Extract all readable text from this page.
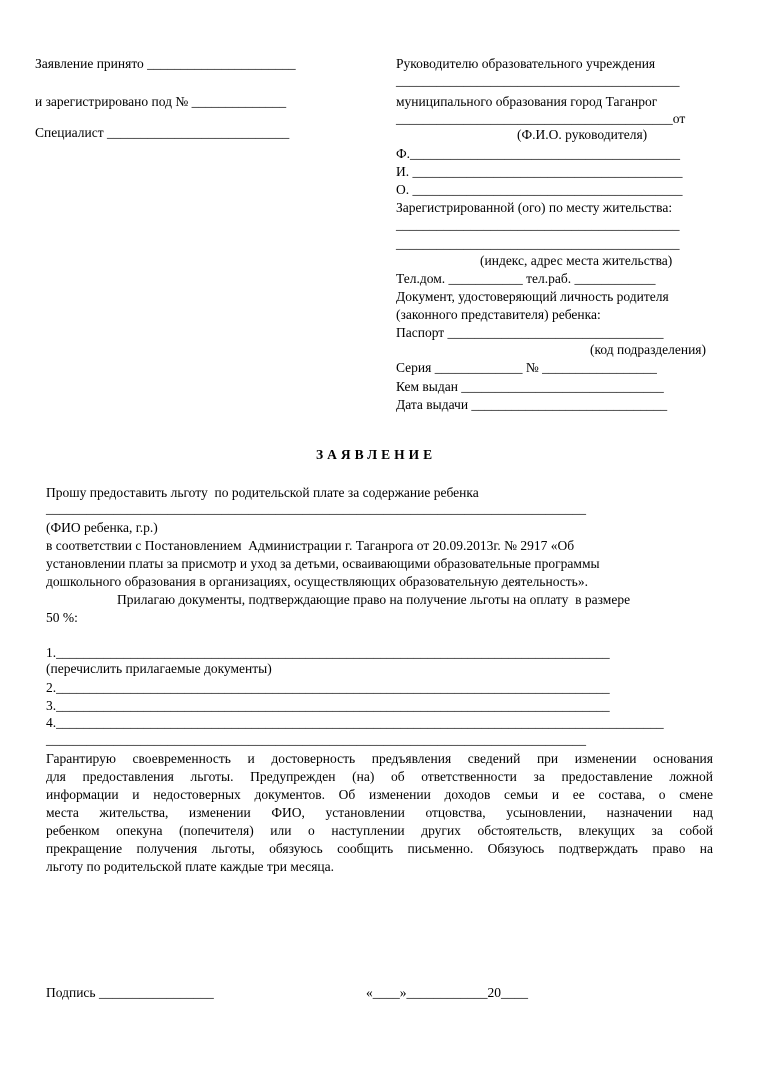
Заявление принято ______________________
и зарегистрировано под № ______________
Специалист ___________________________
Руководителю образовательного учреждения
__________________________________________
муниципального образования город Таганрог
_________________________________________от
(Ф.И.О. руководителя)
Ф.________________________________________
И. ________________________________________
О. ________________________________________
Зарегистрированной (ого) по месту жительства:
__________________________________________
__________________________________________
(индекс, адрес места жительства)
Тел.дом. ___________ тел.раб. ____________
Документ, удостоверяющий личность родителя
(законного представителя) ребенка:
Паспорт ________________________________
(код подразделения)
Серия _____________ № _________________
Кем выдан ______________________________
Дата выдачи _____________________________
ЗАЯВЛЕНИЕ
Прошу предоставить льготу  по родительской плате за содержание ребенка
________________________________________________________________________________
(ФИО ребенка, г.р.)
в соответствии с Постановлением  Администрации г. Таганрога от 20.09.2013г. № 2917 «Об
установлении платы за присмотр и уход за детьми, осваивающими образовательные программы
дошкольного образования в организациях, осуществляющих образовательную деятельность».
Прилагаю документы, подтверждающие право на получение льготы на оплату  в размере
50 %:
1.__________________________________________________________________________________
(перечислить прилагаемые документы)
2.__________________________________________________________________________________
3.__________________________________________________________________________________
4.__________________________________________________________________________________________
________________________________________________________________________________
Гарантирую своевременность и достоверность предъявления сведений при изменении основания
для предоставления льготы. Предупрежден (на) об ответственности за предоставление ложной
информации и недостоверных документов. Об изменении доходов семьи и ее состава, о смене
места жительства, изменении ФИО, установлении отцовства, усыновлении, назначении над
ребенком опекуна (попечителя) или о наступлении других обстоятельств, влекущих за собой
прекращение получения льготы, обязуюсь сообщить письменно. Обязуюсь подтверждать право на
льготу по родительской плате каждые три месяца.
Подпись _________________	«____»____________20____
